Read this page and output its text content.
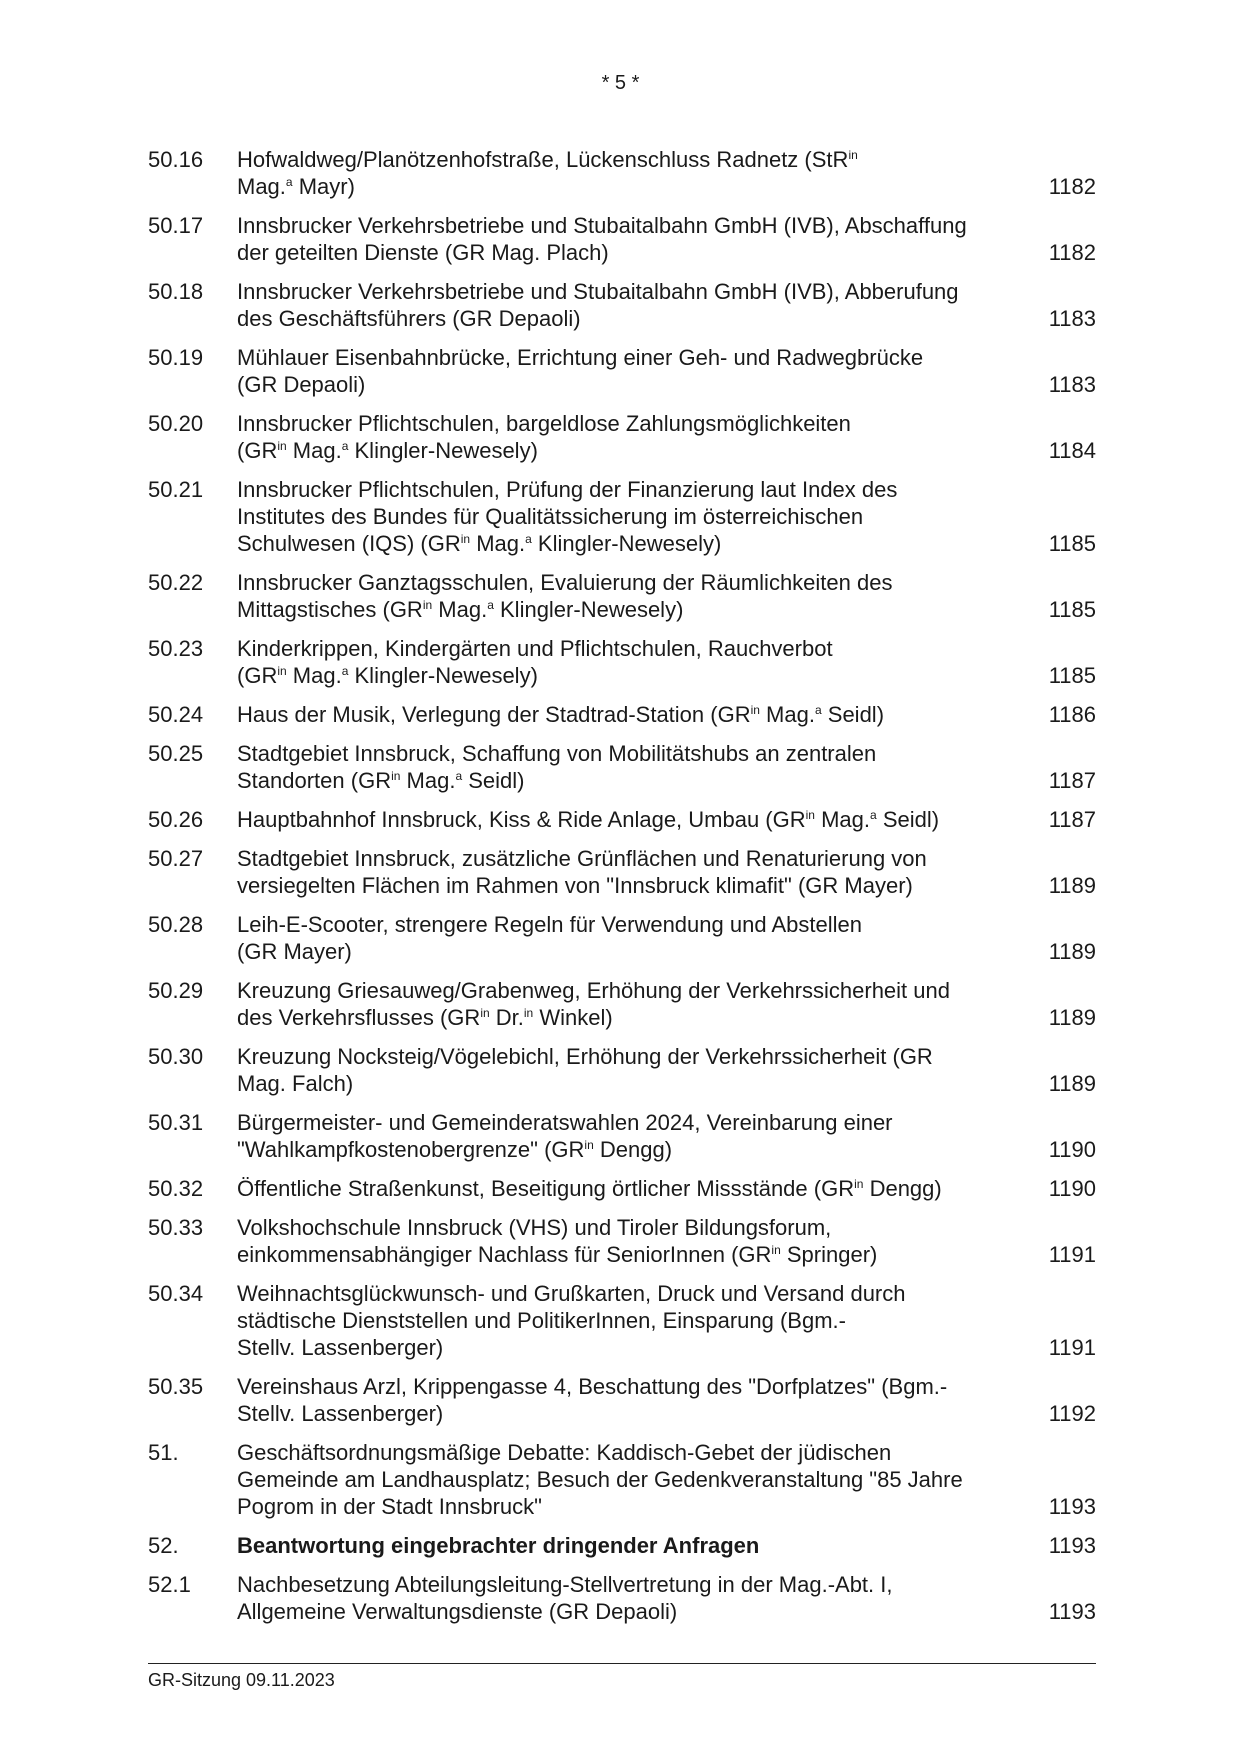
* 5 *
50.16	Hofwaldweg/Planötzenhofstraße, Lückenschluss Radnetz (StR$^{in}$
Mag.$^a$ Mayr)	1182
50.17	Innsbrucker Verkehrsbetriebe und Stubaitalbahn GmbH (IVB), Abschaffung
der geteilten Dienste (GR Mag. Plach)	1182
50.18	Innsbrucker Verkehrsbetriebe und Stubaitalbahn GmbH (IVB), Abberufung
des Geschäftsführers (GR Depaoli)	1183
50.19	Mühlauer Eisenbahnbrücke, Errichtung einer Geh- und Radwegbrücke
(GR Depaoli)	1183
50.20	Innsbrucker Pflichtschulen, bargeldlose Zahlungsmöglichkeiten
($GR^{in}$ Mag.$^a$ Klingler-Newesely)	1184
50.21	Innsbrucker Pflichtschulen, Prüfung der Finanzierung laut Index des
Institutes des Bundes für Qualitätssicherung im österreichischen
Schulwesen (IQS) ($GR^{in}$ Mag.$^a$ Klingler-Newesely)	1185
50.22	Innsbrucker Ganztagsschulen, Evaluierung der Räumlichkeiten des
Mittagstisches ($GR^{in}$ Mag.$^a$ Klingler-Newesely)	1185
50.23	Kinderkrippen, Kindergärten und Pflichtschulen, Rauchverbot
($GR^{in}$ Mag.$^a$ Klingler-Newesely)	1185
50.24	Haus der Musik, Verlegung der Stadtrad-Station ($GR^{in}$ Mag.$^a$ Seidl)	1186
50.25	Stadtgebiet Innsbruck, Schaffung von Mobilitätshubs an zentralen
Standorten ($GR^{in}$ Mag.$^a$ Seidl)	1187
50.26	Hauptbahnhof Innsbruck, Kiss & Ride Anlage, Umbau ($GR^{in}$ Mag.$^a$ Seidl)	1187
50.27	Stadtgebiet Innsbruck, zusätzliche Grünflächen und Renaturierung von
versiegelten Flächen im Rahmen von "Innsbruck klimafit" (GR Mayer)	1189
50.28	Leih-E-Scooter, strengere Regeln für Verwendung und Abstellen
(GR Mayer)	1189
50.29	Kreuzung Griesauweg/Grabenweg, Erhöhung der Verkehrssicherheit und
des Verkehrsflusses ($GR^{in}$ Dr.$^{in}$ Winkel)	1189
50.30	Kreuzung Nocksteig/Vögelebichl, Erhöhung der Verkehrssicherheit (GR
Mag. Falch)	1189
50.31	Bürgermeister- und Gemeinderatswahlen 2024, Vereinbarung einer
"Wahlkampfkostenobergrenze" ($GR^{in}$ Dengg)	1190
50.32	Öffentliche Straßenkunst, Beseitigung örtlicher Missstände ($GR^{in}$ Dengg)	1190
50.33	Volkshochschule Innsbruck (VHS) und Tiroler Bildungsforum,
einkommensabhängiger Nachlass für SeniorInnen ($GR^{in}$ Springer)	1191
50.34	Weihnachtsglückwunsch- und Grußkarten, Druck und Versand durch
städtische Dienststellen und PolitikerInnen, Einsparung (Bgm.-
Stellv. Lassenberger)	1191
50.35	Vereinshaus Arzl, Krippengasse 4, Beschattung des "Dorfplatzes" (Bgm.-
Stellv. Lassenberger)	1192
51.	Geschäftsordnungsmäßige Debatte: Kaddisch-Gebet der jüdischen
Gemeinde am Landhausplatz; Besuch der Gedenkveranstaltung "85 Jahre
Pogrom in der Stadt Innsbruck"	1193
52.	Beantwortung eingebrachter dringender Anfragen	1193
52.1	Nachbesetzung Abteilungsleitung-Stellvertretung in der Mag.-Abt. I,
Allgemeine Verwaltungsdienste (GR Depaoli)	1193
GR-Sitzung 09.11.2023
